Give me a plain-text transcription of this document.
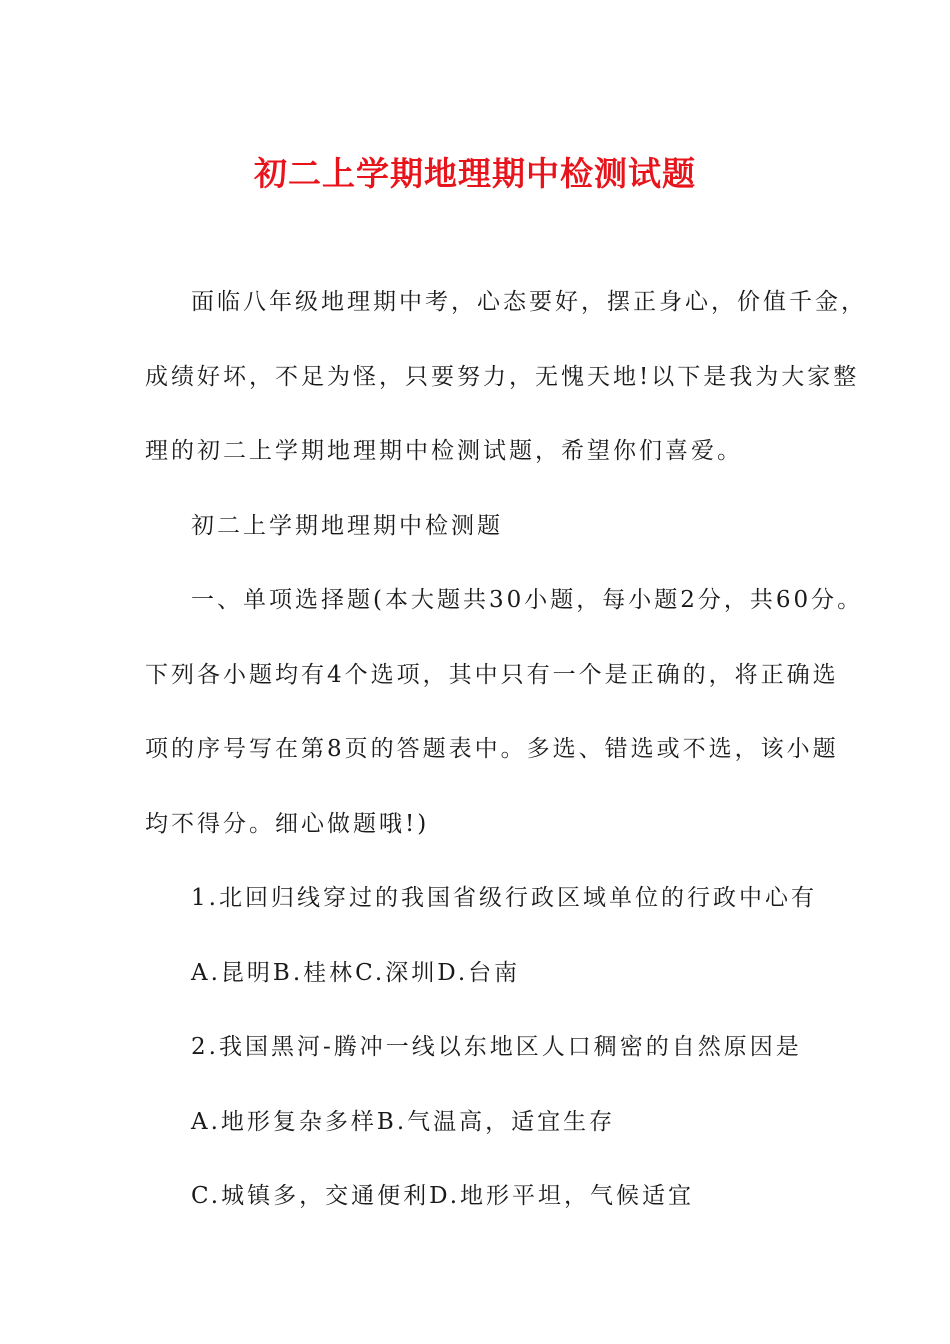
初二上学期地理期中检测试题

面临八年级地理期中考，心态要好，摆正身心，价值千金，

成绩好坏，不足为怪，只要努力，无愧天地!以下是我为大家整

理的初二上学期地理期中检测试题，希望你们喜爱。

初二上学期地理期中检测题

一、单项选择题(本大题共30小题，每小题2分，共60分。

下列各小题均有4个选项，其中只有一个是正确的，将正确选

项的序号写在第8页的答题表中。多选、错选或不选，该小题

均不得分。细心做题哦!)

1.北回归线穿过的我国省级行政区域单位的行政中心有

A.昆明B.桂林C.深圳D.台南

2.我国黑河-腾冲一线以东地区人口稠密的自然原因是

A.地形复杂多样B.气温高，适宜生存

C.城镇多，交通便利D.地形平坦，气候适宜
